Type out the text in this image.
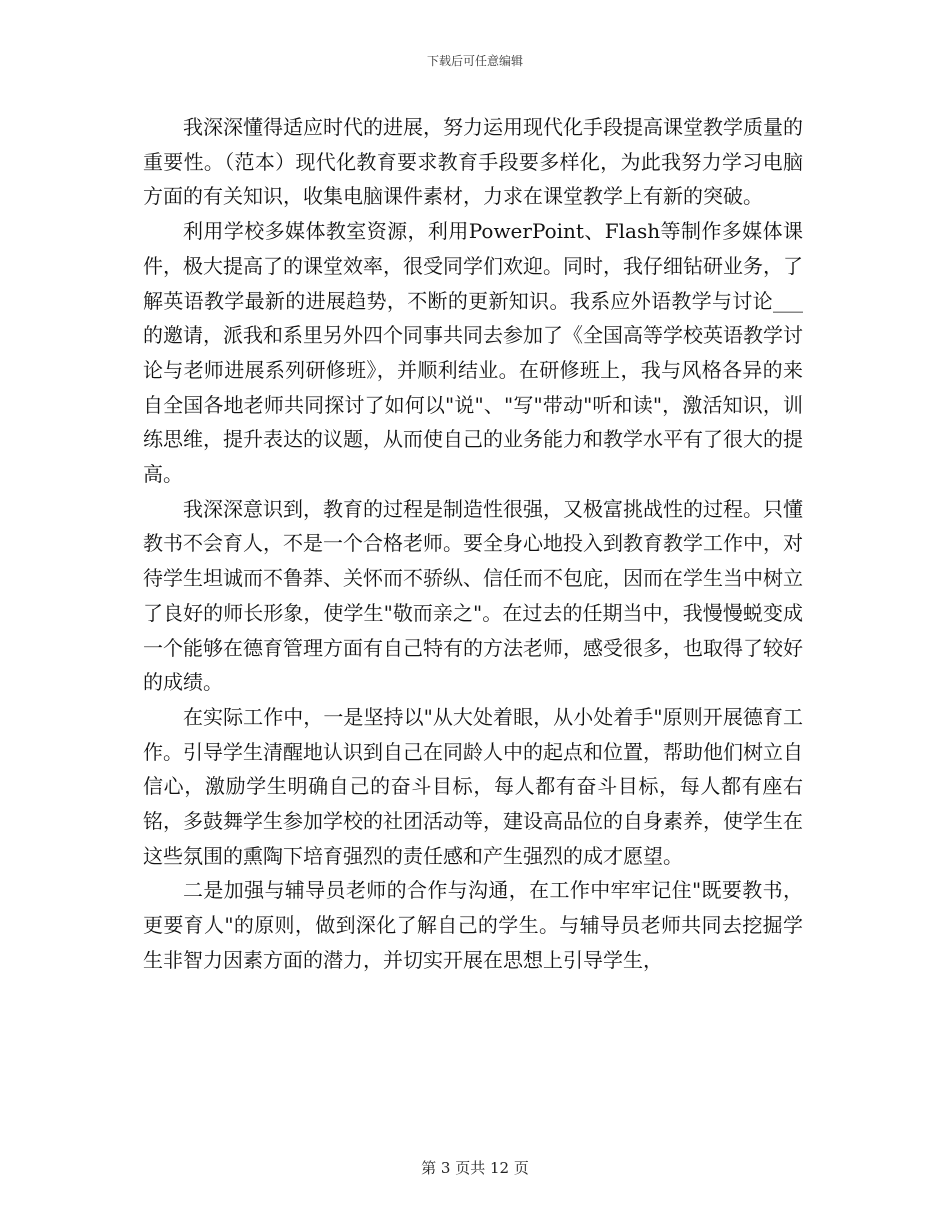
下载后可任意编辑

我深深懂得适应时代的进展，努力运用现代化手段提高课堂教学质量的重要性。（范本）现代化教育要求教育手段要多样化，为此我努力学习电脑方面的有关知识，收集电脑课件素材，力求在课堂教学上有新的突破。

利用学校多媒体教室资源，利用PowerPoint、Flash等制作多媒体课件，极大提高了的课堂效率，很受同学们欢迎。同时，我仔细钻研业务，了解英语教学最新的进展趋势，不断的更新知识。我系应外语教学与讨论___的邀请，派我和系里另外四个同事共同去参加了《全国高等学校英语教学讨论与老师进展系列研修班》，并顺利结业。在研修班上，我与风格各异的来自全国各地老师共同探讨了如何以"说"、"写"带动"听和读"，激活知识，训练思维，提升表达的议题，从而使自己的业务能力和教学水平有了很大的提高。

我深深意识到，教育的过程是制造性很强，又极富挑战性的过程。只懂教书不会育人，不是一个合格老师。要全身心地投入到教育教学工作中，对待学生坦诚而不鲁莽、关怀而不骄纵、信任而不包庇，因而在学生当中树立了良好的师长形象，使学生"敬而亲之"。在过去的任期当中，我慢慢蜕变成一个能够在德育管理方面有自己特有的方法老师，感受很多，也取得了较好的成绩。

在实际工作中，一是坚持以"从大处着眼，从小处着手"原则开展德育工作。引导学生清醒地认识到自己在同龄人中的起点和位置，帮助他们树立自信心，激励学生明确自己的奋斗目标，每人都有奋斗目标，每人都有座右铭，多鼓舞学生参加学校的社团活动等，建设高品位的自身素养，使学生在这些氛围的熏陶下培育强烈的责任感和产生强烈的成才愿望。

二是加强与辅导员老师的合作与沟通，在工作中牢牢记住"既要教书，更要育人"的原则，做到深化了解自己的学生。与辅导员老师共同去挖掘学生非智力因素方面的潜力，并切实开展在思想上引导学生，

第 3 页共 12 页
